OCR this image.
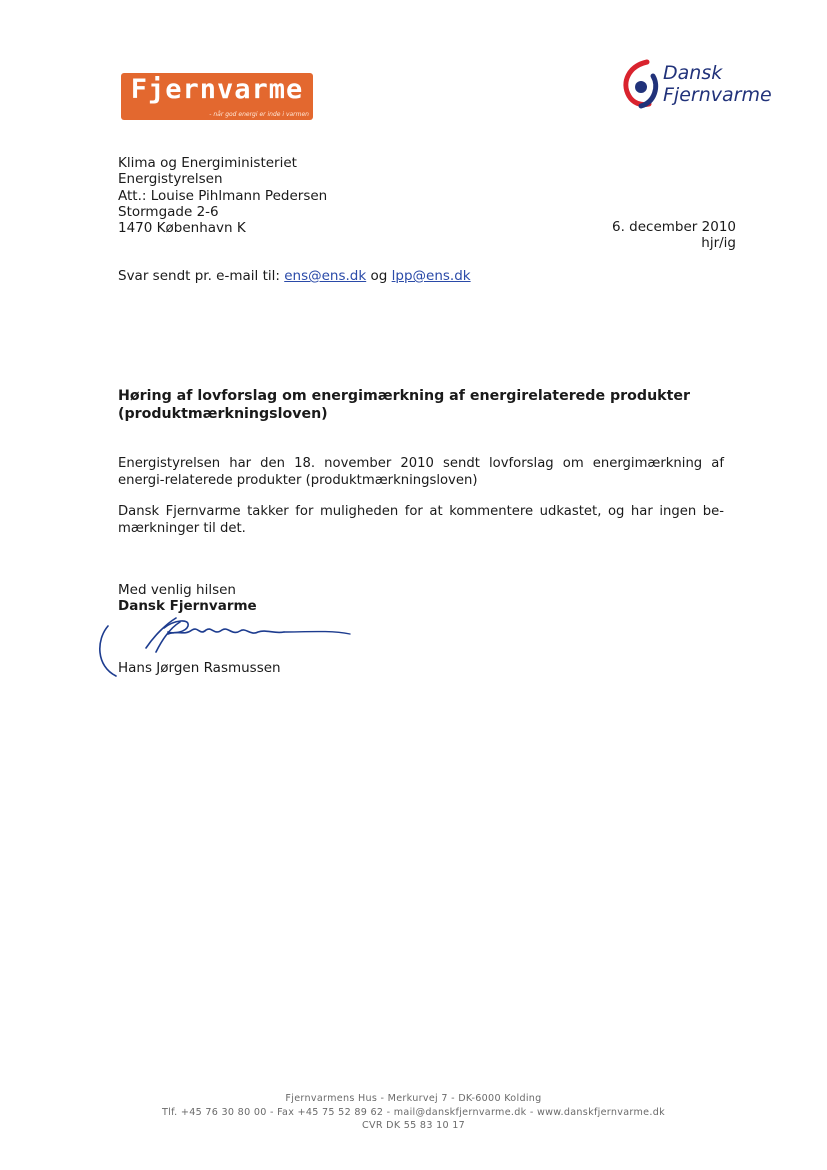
Fjernvarme
- når god energi er inde i varmen
Dansk
Fjernvarme
Klima og Energiministeriet
Energistyrelsen
Att.: Louise Pihlmann Pedersen
Stormgade 2-6
1470 København K	6. december 2010
hjr/ig
Svar sendt pr. e-mail til: ens@ens.dk og lpp@ens.dk
Høring af lovforslag om energimærkning af energirelaterede produkter (produktmærkningsloven)
Energistyrelsen har den 18. november 2010 sendt lovforslag om energimærkning af energi-relaterede produkter (produktmærkningsloven)
Dansk Fjernvarme takker for muligheden for at kommentere udkastet, og har ingen be-mærkninger til det.
Med venlig hilsen
Dansk Fjernvarme
Hans Jørgen Rasmussen
Fjernvarmens Hus - Merkurvej 7 - DK-6000 Kolding
Tlf. +45 76 30 80 00 - Fax +45 75 52 89 62 - mail@danskfjernvarme.dk - www.danskfjernvarme.dk
CVR DK 55 83 10 17
